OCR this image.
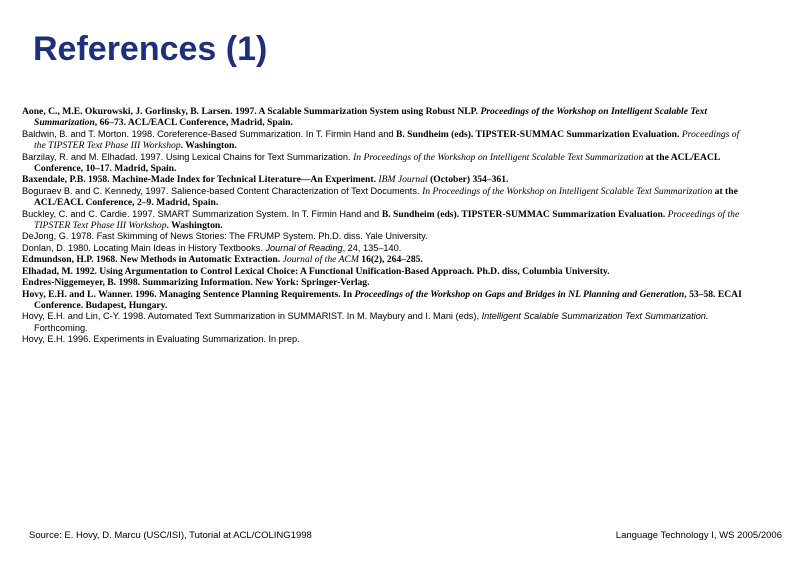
References (1)
Aone, C., M.E. Okurowski, J. Gorlinsky, B. Larsen. 1997. A Scalable Summarization System using Robust NLP. Proceedings of the Workshop on Intelligent Scalable Text Summarization, 66–73. ACL/EACL Conference, Madrid, Spain.
Baldwin, B. and T. Morton. 1998. Coreference-Based Summarization. In T. Firmin Hand and B. Sundheim (eds). TIPSTER-SUMMAC Summarization Evaluation. Proceedings of the TIPSTER Text Phase III Workshop. Washington.
Barzilay, R. and M. Elhadad. 1997. Using Lexical Chains for Text Summarization. In Proceedings of the Workshop on Intelligent Scalable Text Summarization at the ACL/EACL Conference, 10–17. Madrid, Spain.
Baxendale, P.B. 1958. Machine-Made Index for Technical Literature—An Experiment. IBM Journal (October) 354–361.
Boguraev B. and C. Kennedy, 1997. Salience-based Content Characterization of Text Documents. In Proceedings of the Workshop on Intelligent Scalable Text Summarization at the ACL/EACL Conference, 2–9. Madrid, Spain.
Buckley, C. and C. Cardie. 1997. SMART Summarization System. In T. Firmin Hand and B. Sundheim (eds). TIPSTER-SUMMAC Summarization Evaluation. Proceedings of the TIPSTER Text Phase III Workshop. Washington.
DeJong, G. 1978. Fast Skimming of News Stories: The FRUMP System. Ph.D. diss. Yale University.
Donlan, D. 1980. Locating Main Ideas in History Textbooks. Journal of Reading, 24, 135–140.
Edmundson, H.P. 1968. New Methods in Automatic Extraction. Journal of the ACM 16(2), 264–285.
Elhadad, M. 1992. Using Argumentation to Control Lexical Choice: A Functional Unification-Based Approach. Ph.D. diss, Columbia University.
Endres-Niggemeyer, B. 1998. Summarizing Information. New York: Springer-Verlag.
Hovy, E.H. and L. Wanner. 1996. Managing Sentence Planning Requirements. In Proceedings of the Workshop on Gaps and Bridges in NL Planning and Generation, 53–58. ECAI Conference. Budapest, Hungary.
Hovy, E.H. and Lin, C-Y. 1998. Automated Text Summarization in SUMMARIST. In M. Maybury and I. Mani (eds), Intelligent Scalable Summarization Text Summarization. Forthcoming.
Hovy, E.H. 1996. Experiments in Evaluating Summarization. In prep.
Source: E. Hovy, D. Marcu (USC/ISI), Tutorial at ACL/COLING1998	Language Technology I, WS 2005/2006
